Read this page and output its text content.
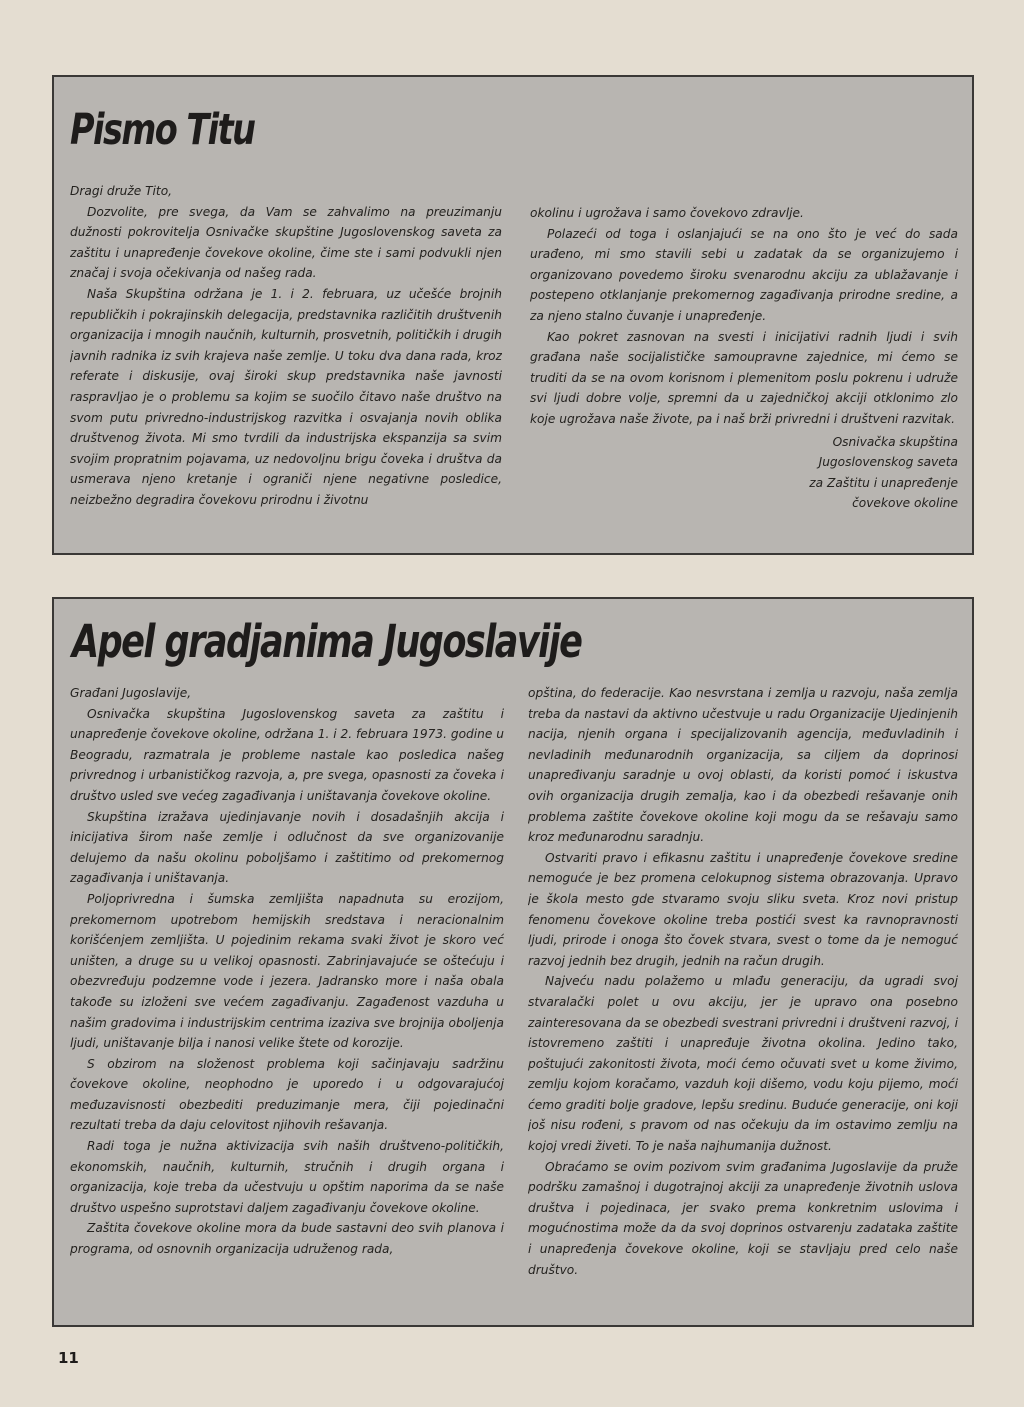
Pismo Titu

Dragi druže Tito,

Dozvolite, pre svega, da Vam se zahvalimo na preuzimanju dužnosti pokrovitelja Osnivačke skupštine Jugoslovenskog saveta za zaštitu i unapređenje čovekove okoline, čime ste i sami podvukli njen značaj i svoja očekivanja od našeg rada.

Naša Skupština održana je 1. i 2. februara, uz učešće brojnih republičkih i pokrajinskih delegacija, predstavnika različitih društvenih organizacija i mnogih naučnih, kulturnih, prosvetnih, političkih i drugih javnih radnika iz svih krajeva naše zemlje. U toku dva dana rada, kroz referate i diskusije, ovaj široki skup predstavnika naše javnosti raspravljao je o problemu sa kojim se suočilo čitavo naše društvo na svom putu privredno-industrijskog razvitka i osvajanja novih oblika društvenog života. Mi smo tvrdili da industrijska ekspanzija sa svim svojim propratnim pojavama, uz nedovoljnu brigu čoveka i društva da usmerava njeno kretanje i ograniči njene negativne posledice, neizbežno degradira čovekovu prirodnu i životnu

okolinu i ugrožava i samo čovekovo zdravlje.

Polazeći od toga i oslanjajući se na ono što je već do sada urađeno, mi smo stavili sebi u zadatak da se organizujemo i organizovano povedemo široku svenarodnu akciju za ublažavanje i postepeno otklanjanje prekomernog zagađivanja prirodne sredine, a za njeno stalno čuvanje i unapređenje.

Kao pokret zasnovan na svesti i inicijativi radnih ljudi i svih građana naše socijalističke samoupravne zajednice, mi ćemo se truditi da se na ovom korisnom i plemenitom poslu pokrenu i udruže svi ljudi dobre volje, spremni da u zajedničkoj akciji otklonimo zlo koje ugrožava naše živote, pa i naš brži privredni i društveni razvitak.

Osnivačka skupština
Jugoslovenskog saveta
za Zaštitu i unapređenje
čovekove okoline
Apel gradjanima Jugoslavije

Građani Jugoslavije,

Osnivačka skupština Jugoslovenskog saveta za zaštitu i unapređenje čovekove okoline, održana 1. i 2. februara 1973. godine u Beogradu, razmatrala je probleme nastale kao posledica našeg privrednog i urbanističkog razvoja, a, pre svega, opasnosti za čoveka i društvo usled sve većeg zagađivanja i uništavanja čovekove okoline.

Skupština izražava ujedinjavanje novih i dosadašnjih akcija i inicijativa širom naše zemlje i odlučnost da sve organizovanije delujemo da našu okolinu poboljšamo i zaštitimo od prekomernog zagađivanja i uništavanja.

Poljoprivredna i šumska zemljišta napadnuta su erozijom, prekomernom upotrebom hemijskih sredstava i neracionalnim korišćenjem zemljišta. U pojedinim rekama svaki život je skoro već uništen, a druge su u velikoj opasnosti. Zabrinjavajuće se oštećuju i obezvređuju podzemne vode i jezera. Jadransko more i naša obala takođe su izloženi sve većem zagađivanju. Zagađenost vazduha u našim gradovima i industrijskim centrima izaziva sve brojnija oboljenja ljudi, uništavanje bilja i nanosi velike štete od korozije.

S obzirom na složenost problema koji sačinjavaju sadržinu čovekove okoline, neophodno je uporedo i u odgovarajućoj međuzavisnosti obezbediti preduzimanje mera, čiji pojedinačni rezultati treba da daju celovitost njihovih rešavanja.

Radi toga je nužna aktivizacija svih naših društveno-političkih, ekonomskih, naučnih, kulturnih, stručnih i drugih organa i organizacija, koje treba da učestvuju u opštim naporima da se naše društvo uspešno suprotstavi daljem zagađivanju čovekove okoline.

Zaštita čovekove okoline mora da bude sastavni deo svih planova i programa, od osnovnih organizacija udruženog rada,

opština, do federacije. Kao nesvrstana i zemlja u razvoju, naša zemlja treba da nastavi da aktivno učestvuje u radu Organizacije Ujedinjenih nacija, njenih organa i specijalizovanih agencija, međuvladinih i nevladinih međunarodnih organizacija, sa ciljem da doprinosi unapređivanju saradnje u ovoj oblasti, da koristi pomoć i iskustva ovih organizacija drugih zemalja, kao i da obezbedi rešavanje onih problema zaštite čovekove okoline koji mogu da se rešavaju samo kroz međunarodnu saradnju.

Ostvariti pravo i efikasnu zaštitu i unapređenje čovekove sredine nemoguće je bez promena celokupnog sistema obrazovanja. Upravo je škola mesto gde stvaramo svoju sliku sveta. Kroz novi pristup fenomenu čovekove okoline treba postići svest ka ravnopravnosti ljudi, prirode i onoga što čovek stvara, svest o tome da je nemoguć razvoj jednih bez drugih, jednih na račun drugih.

Najveću nadu polažemo u mlađu generaciju, da ugradi svoj stvaralački polet u ovu akciju, jer je upravo ona posebno zainteresovana da se obezbedi svestrani privredni i društveni razvoj, i istovremeno zaštiti i unapređuje životna okolina. Jedino tako, poštujući zakonitosti života, moći ćemo očuvati svet u kome živimo, zemlju kojom koračamo, vazduh koji dišemo, vodu koju pijemo, moći ćemo graditi bolje gradove, lepšu sredinu. Buduće generacije, oni koji još nisu rođeni, s pravom od nas očekuju da im ostavimo zemlju na kojoj vredi živeti. To je naša najhumanija dužnost.

Obraćamo se ovim pozivom svim građanima Jugoslavije da pruže podršku zamašnoj i dugotrajnoj akciji za unapređenje životnih uslova društva i pojedinaca, jer svako prema konkretnim uslovima i mogućnostima može da da svoj doprinos ostvarenju zadataka zaštite i unapređenja čovekove okoline, koji se stavljaju pred celo naše društvo.

11
